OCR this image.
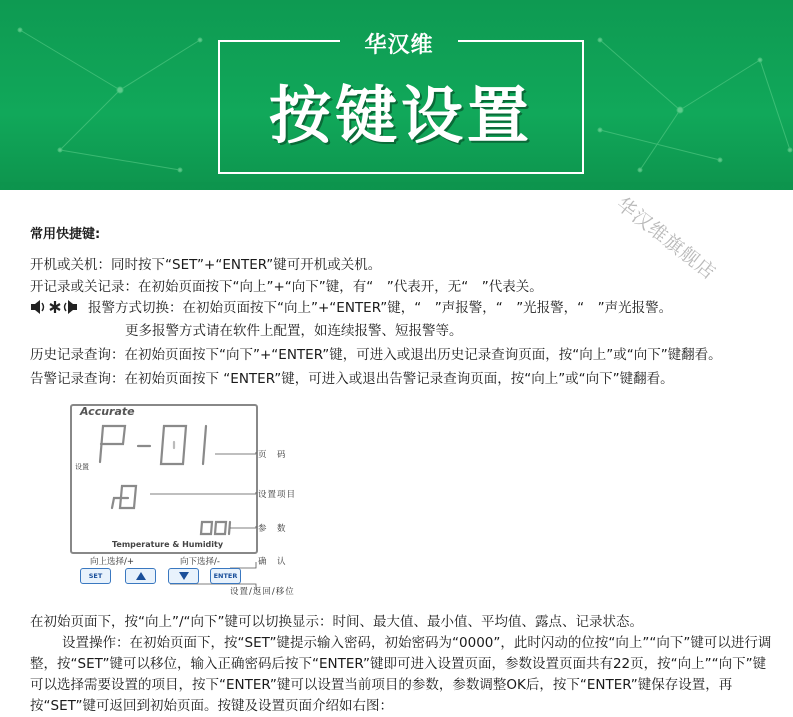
华汉维
按键设置
华汉维旗舰店
常用快捷键:
开机或关机：同时按下“SET”+“ENTER”键可开机或关机。
开记录或关记录：在初始页面按下“向上”+“向下”键，有“　”代表开，无“　”代表关。
报警方式切换：在初始页面按下“向上”+“ENTER”键，“　”声报警，“　”光报警，“　”声光报警。
更多报警方式请在软件上配置，如连续报警、短报警等。
历史记录查询：在初始页面按下“向下”+“ENTER”键，可进入或退出历史记录查询页面，按“向上”或“向下”键翻看。
告警记录查询：在初始页面按下 “ENTER”键，可进入或退出告警记录查询页面，按“向上”或“向下”键翻看。
Accurate
设置
Temperature & Humidity
页　码
设置项目
参　数
确　认
设置/返回/移位
向上选择/+	向下选择/-
SET	ENTER

在初始页面下，按“向上”/“向下”键可以切换显示：时间、最大值、最小值、平均值、露点、记录状态。

设置操作：在初始页面下，按“SET”键提示输入密码，初始密码为“0000”，此时闪动的位按“向上”“向下”键可以进行调整，按“SET”键可以移位，输入正确密码后按下“ENTER”键即可进入设置页面，参数设置页面共有22页，按“向上”“向下”键可以选择需要设置的项目，按下“ENTER”键可以设置当前项目的参数，参数调整OK后，按下“ENTER”键保存设置，再按“SET”键可返回到初始页面。按键及设置页面介绍如右图：
